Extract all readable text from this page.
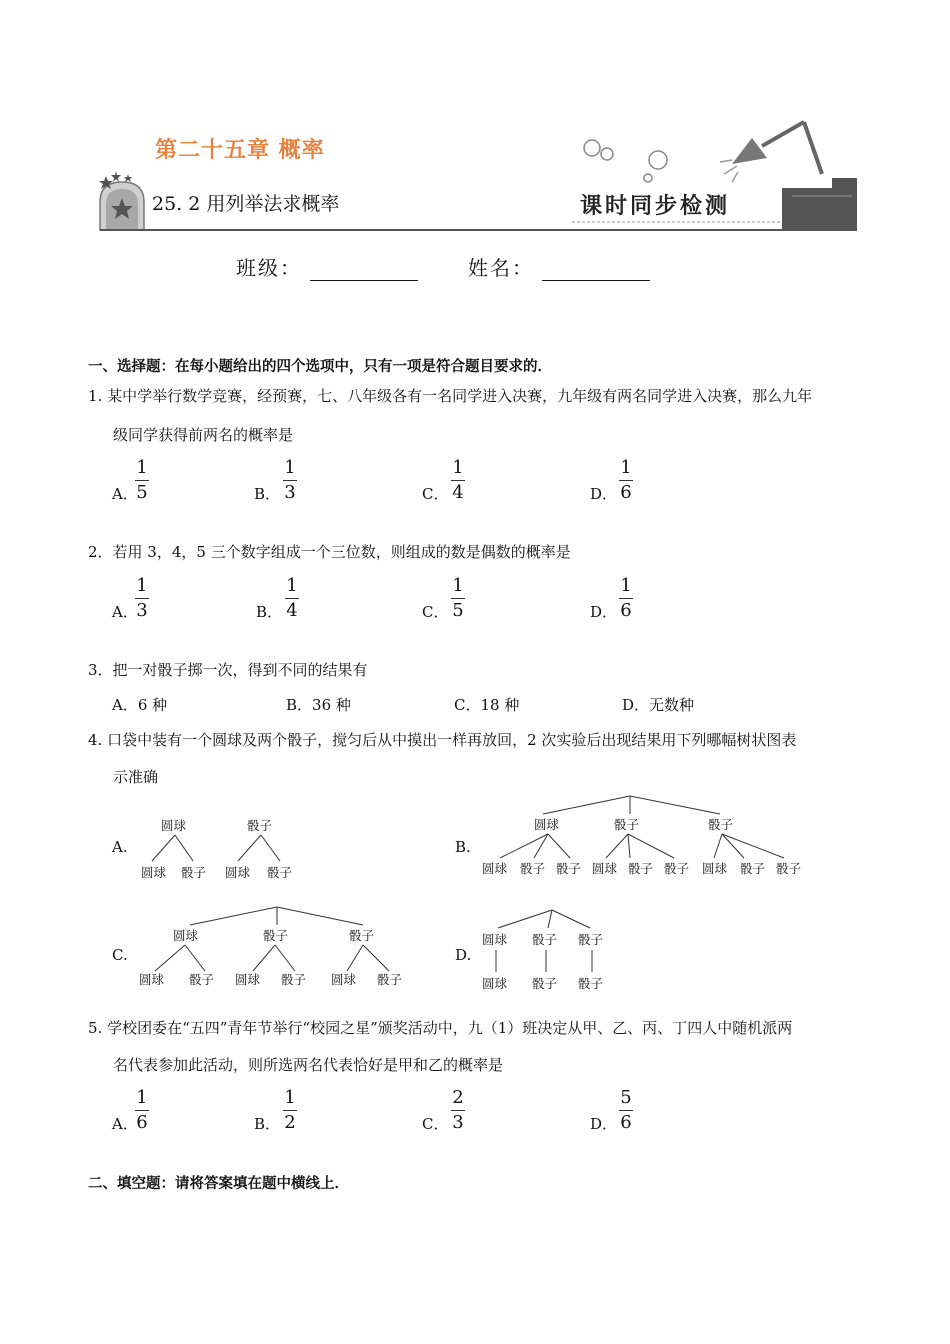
第二十五章 概率
25. 2 用列举法求概率	课时同步检测
班级：	姓名：
一、选择题：在每小题给出的四个选项中，只有一项是符合题目要求的．
1. 某中学举行数学竞赛，经预赛，七、八年级各有一名同学进入决赛，九年级有两名同学进入决赛，那么九年
级同学获得前两名的概率是
A．
1
5	B．
1
3	C．
1
4	D．
1
6
2．若用 3，4，5 三个数字组成一个三位数，则组成的数是偶数的概率是
A．
1
3	B．
1
4	C．
1
5	D．
1
6
3．把一对骰子掷一次，得到不同的结果有
A．6 种	B．36 种	C．18 种	D．无数种
4. 口袋中装有一个圆球及两个骰子，搅匀后从中摸出一样再放回，2 次实验后出现结果用下列哪幅树状图表
示准确
A.	B.
C.	D.
圆球	骰子
圆球 骰子 圆球 骰子
圆球	骰子	骰子
圆球 骰子 骰子 圆球 骰子 骰子 圆球 骰子 骰子
圆球	骰子	骰子
圆球 骰子 圆球 骰子 圆球 骰子
圆球 骰子 骰子
圆球 骰子 骰子
5. 学校团委在“五四”青年节举行“校园之星”颁奖活动中，九（1）班决定从甲、乙、丙、丁四人中随机派两
名代表参加此活动，则所选两名代表恰好是甲和乙的概率是
A．
1
6	B．
1
2	C．
2
3	D．
5
6
二、填空题：请将答案填在题中横线上．
